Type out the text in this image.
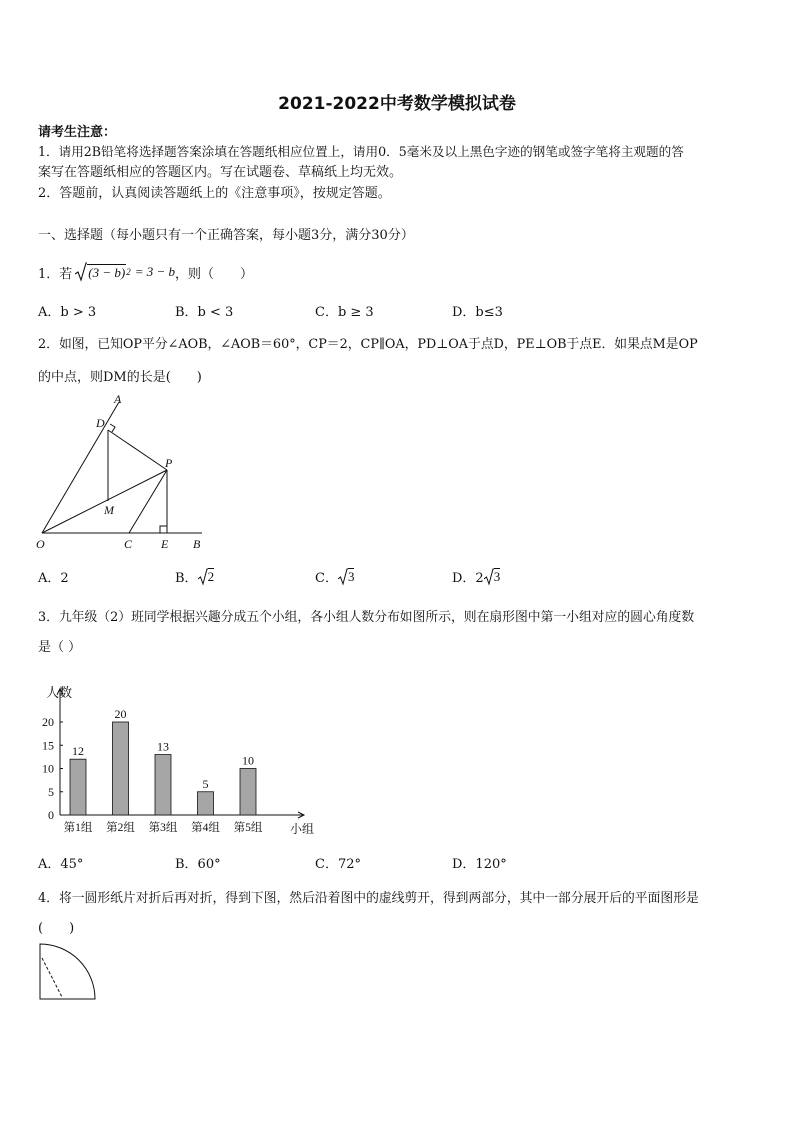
2021-2022中考数学模拟试卷
请考生注意：
1．请用2B铅笔将选择题答案涂填在答题纸相应位置上，请用0．5毫米及以上黑色字迹的钢笔或签字笔将主观题的答
案写在答题纸相应的答题区内。写在试题卷、草稿纸上均无效。
2．答题前，认真阅读答题纸上的《注意事项》，按规定答题。
一、选择题（每小题只有一个正确答案，每小题3分，满分30分）
1．若 (3 − b) 2 = 3 − b ，则（　　）
A．b > 3	B．b < 3	C．b ≥ 3	D．b≤3
2．如图，已知OP平分∠AOB，∠AOB＝60°，CP＝2，CP∥OA，PD⊥OA于点D，PE⊥OB于点E．如果点M是OP
的中点，则DM的长是(　　)
A
D
P
M
O	C E B
A．2	B． 2	C． 3	D．2 3
3．九年级（2）班同学根据兴趣分成五个小组，各小组人数分布如图所示，则在扇形图中第一小组对应的圆心角度数
是（ ）
0
5
10
15
20
人数
小组
12
第1组
20
第2组
13
第3组
5
第4组
10
第5组
A．45°	B．60°	C．72°	D．120°
4．将一圆形纸片对折后再对折，得到下图，然后沿着图中的虚线剪开，得到两部分，其中一部分展开后的平面图形是
(　　)
